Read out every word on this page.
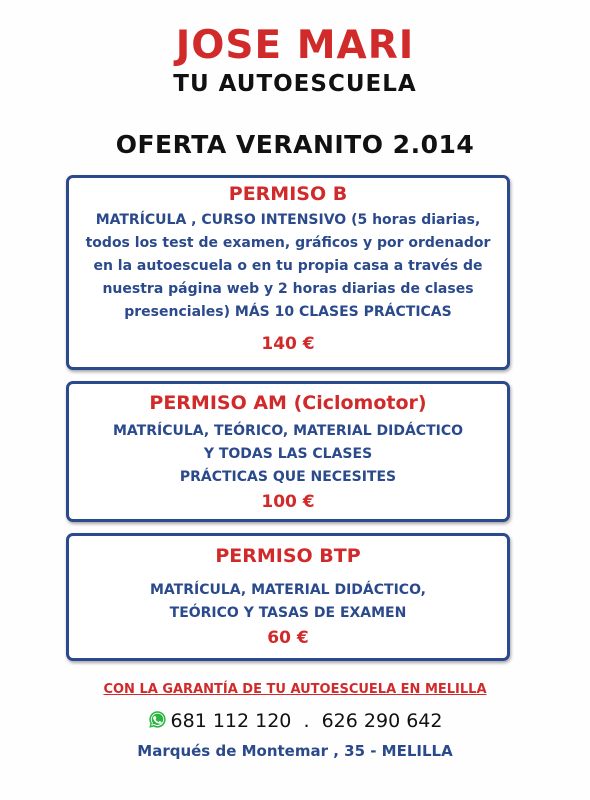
JOSE MARI
TU AUTOESCUELA
OFERTA VERANITO 2.014
PERMISO B
MATRÍCULA , CURSO INTENSIVO (5 horas diarias,
todos los test de examen, gráficos y por ordenador
en la autoescuela o en tu propia casa a través de
nuestra página web y 2 horas diarias de clases
presenciales) MÁS 10 CLASES PRÁCTICAS
140 €
PERMISO AM (Ciclomotor)
MATRÍCULA, TEÓRICO, MATERIAL DIDÁCTICO
Y TODAS LAS CLASES
PRÁCTICAS QUE NECESITES
100 €
PERMISO BTP
MATRÍCULA, MATERIAL DIDÁCTICO,
TEÓRICO Y TASAS DE EXAMEN
60 €
CON LA GARANTÍA DE TU AUTOESCUELA EN MELILLA
681 112 120  .  626 290 642
Marqués de Montemar , 35 - MELILLA
